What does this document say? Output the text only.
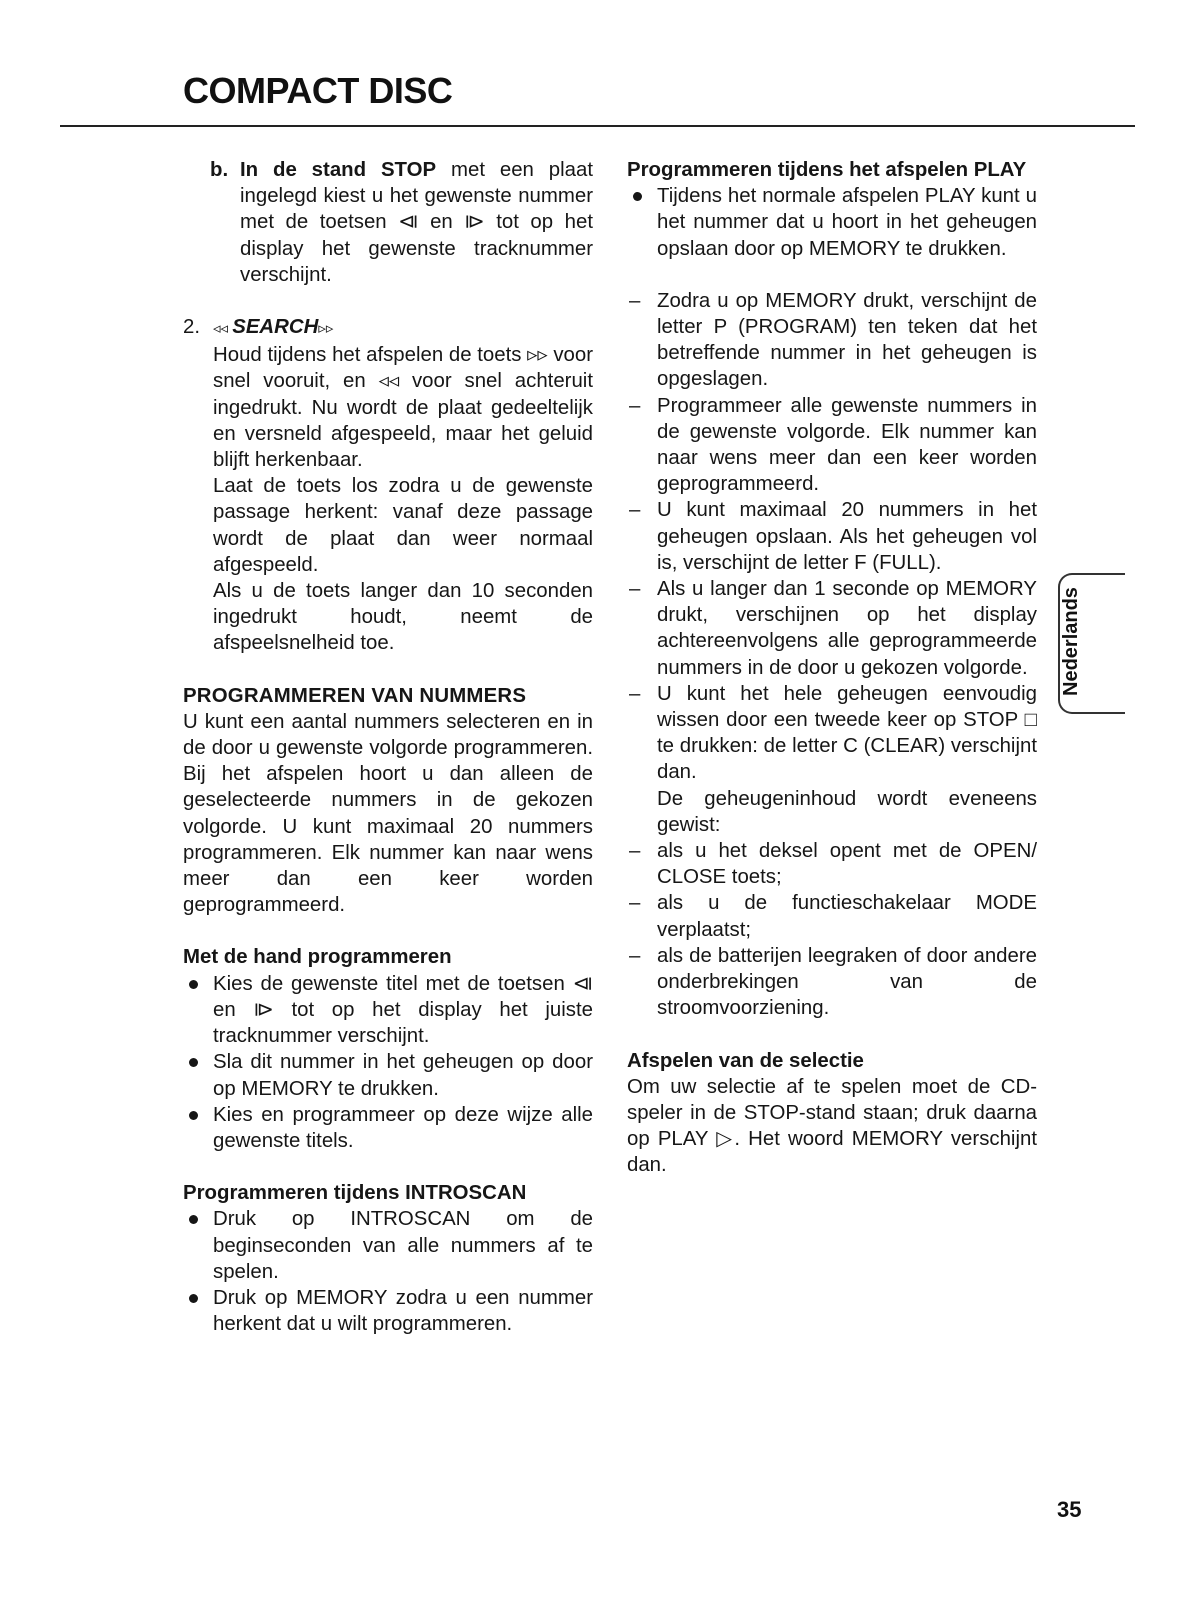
COMPACT DISC
b. In de stand STOP met een plaat ingelegd kiest u het gewenste nummer met de toetsen ⧏ en ⧐ tot op het display het gewenste tracknummer verschijnt.

2. ◃◃ SEARCH▹▹

Houd tijdens het afspelen de toets ▹▹ voor snel vooruit, en ◃◃ voor snel achteruit ingedrukt. Nu wordt de plaat gedeeltelijk en versneld afgespeeld, maar het geluid blijft herkenbaar.

Laat de toets los zodra u de gewenste passage herkent: vanaf deze passage wordt de plaat dan weer normaal afgespeeld.

Als u de toets langer dan 10 seconden ingedrukt houdt, neemt de afspeelsnelheid toe.

PROGRAMMEREN VAN NUMMERS

U kunt een aantal nummers selecteren en in de door u gewenste volgorde programmeren. Bij het afspelen hoort u dan alleen de geselecteerde nummers in de gekozen volgorde. U kunt maximaal 20 nummers programmeren. Elk nummer kan naar wens meer dan een keer worden geprogrammeerd.

Met de hand programmeren

Kies de gewenste titel met de toetsen ⧏ en ⧐ tot op het display het juiste tracknummer verschijnt.
Sla dit nummer in het geheugen op door op MEMORY te drukken.
Kies en programmeer op deze wijze alle gewenste titels.

Programmeren tijdens INTROSCAN

Druk op INTROSCAN om de beginseconden van alle nummers af te spelen.
Druk op MEMORY zodra u een nummer herkent dat u wilt programmeren.

Programmeren tijdens het afspelen PLAY

Tijdens het normale afspelen PLAY kunt u het nummer dat u hoort in het geheugen opslaan door op MEMORY te drukken.
– Zodra u op MEMORY drukt, verschijnt de letter P (PROGRAM) ten teken dat het betreffende nummer in het geheugen is opgeslagen.
– Programmeer alle gewenste nummers in de gewenste volgorde. Elk nummer kan naar wens meer dan een keer worden geprogrammeerd.
– U kunt maximaal 20 nummers in het geheugen opslaan. Als het geheugen vol is, verschijnt de letter F (FULL).
– Als u langer dan 1 seconde op MEMORY drukt, verschijnen op het display achtereenvolgens alle geprogrammeerde nummers in de door u gekozen volgorde.
– U kunt het hele geheugen eenvoudig wissen door een tweede keer op STOP □ te drukken: de letter C (CLEAR) verschijnt dan.

De geheugeninhoud wordt eveneens gewist:

– als u het deksel opent met de OPEN/ CLOSE toets;
– als u de functieschakelaar MODE verplaatst;
– als de batterijen leegraken of door andere onderbrekingen van de stroomvoorziening.

Afspelen van de selectie

Om uw selectie af te spelen moet de CD-speler in de STOP-stand staan; druk daarna op PLAY ▷. Het woord MEMORY verschijnt dan.

Nederlands
35
